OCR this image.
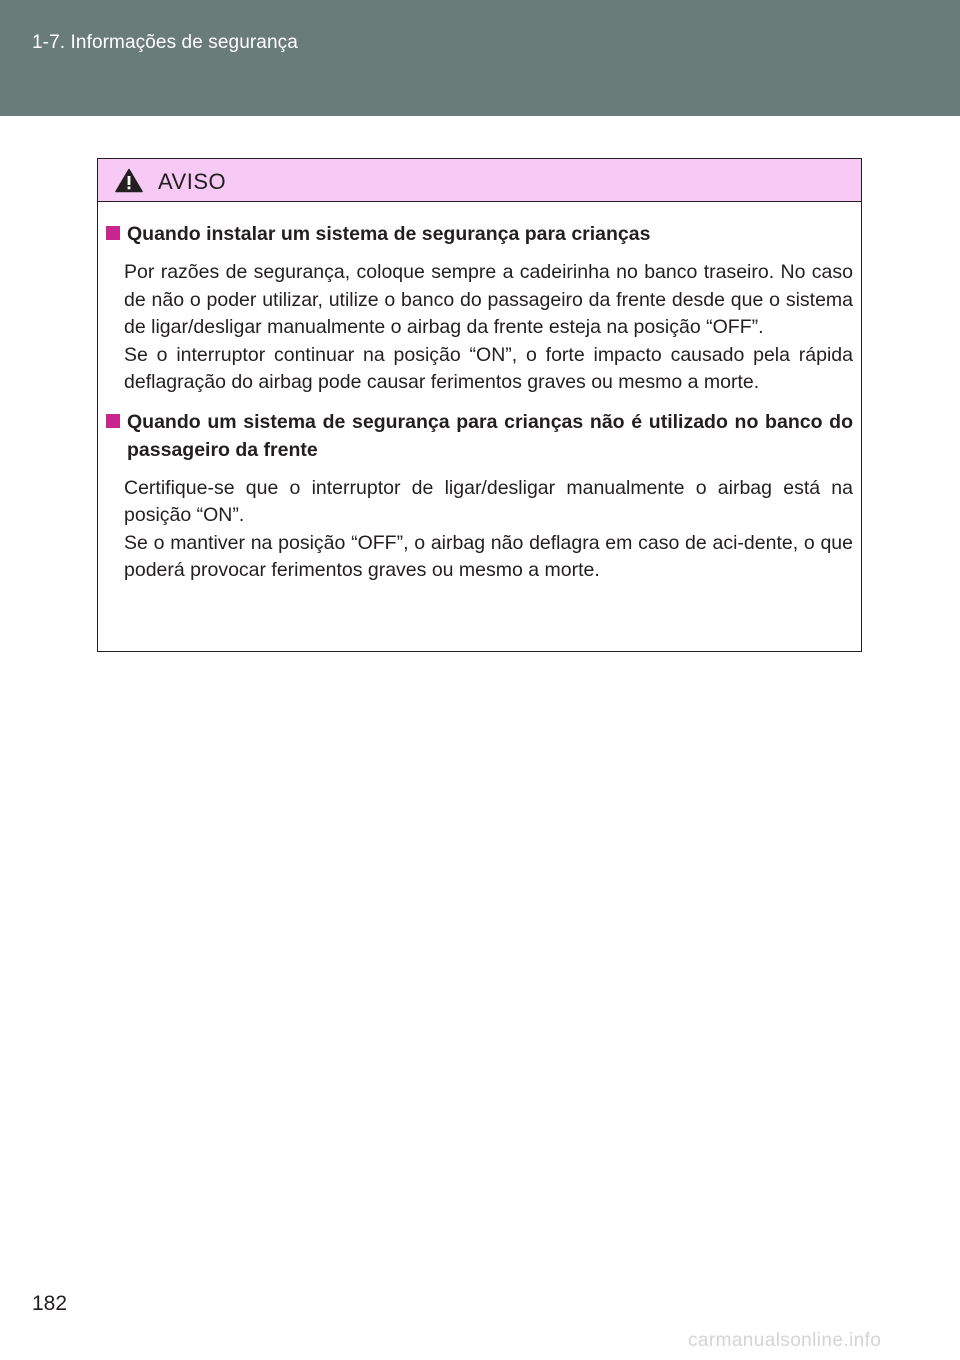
1-7. Informações de segurança
AVISO
Quando instalar um sistema de segurança para crianças
Por razões de segurança, coloque sempre a cadeirinha no banco traseiro. No caso de não o poder utilizar, utilize o banco do passageiro da frente desde que o sistema de ligar/desligar manualmente o airbag da frente esteja na posição “OFF”.
Se o interruptor continuar na posição “ON”, o forte impacto causado pela rápida deflagração do airbag pode causar ferimentos graves ou mesmo a morte.
Quando um sistema de segurança para crianças não é utilizado no banco do passageiro da frente
Certifique-se que o interruptor de ligar/desligar manualmente o airbag está na posição “ON”.
Se o mantiver na posição “OFF”, o airbag não deflagra em caso de aci-dente, o que poderá provocar ferimentos graves ou mesmo a morte.
182
carmanualsonline.info
